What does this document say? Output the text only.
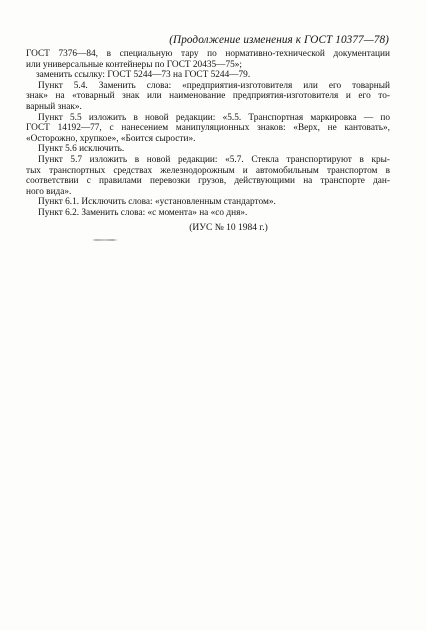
(Продолжение изменения к ГОСТ 10377—78)
ГОСТ 7376—84, в специальную тару по нормативно-технической документации
или универсальные контейнеры по ГОСТ 20435—75»;
заменить ссылку: ГОСТ 5244—73 на ГОСТ 5244—79.
Пункт 5.4. Заменить слова: «предприятия-изготовителя или его товарный
знак» на «товарный знак или наименование предприятия-изготовителя и его то-
варный знак».
Пункт 5.5 изложить в новой редакции: «5.5. Транспортная маркировка — по
ГОСТ 14192—77, с нанесением манипуляционных знаков: «Верх, не кантовать»,
«Осторожно, хрупкое», «Боится сырости».
Пункт 5.6 исключить.
Пункт 5.7 изложить в новой редакции: «5.7. Стекла транспортируют в кры-
тых транспортных средствах железнодорожным и автомобильным транспортом в
соответствии с правилами перевозки грузов, действующими на транспорте дан-
ного вида».
Пункт 6.1. Исключить слова: «установленным стандартом».
Пункт 6.2. Заменить слова: «с момента» на «со дня».
(ИУС № 10 1984 г.)
